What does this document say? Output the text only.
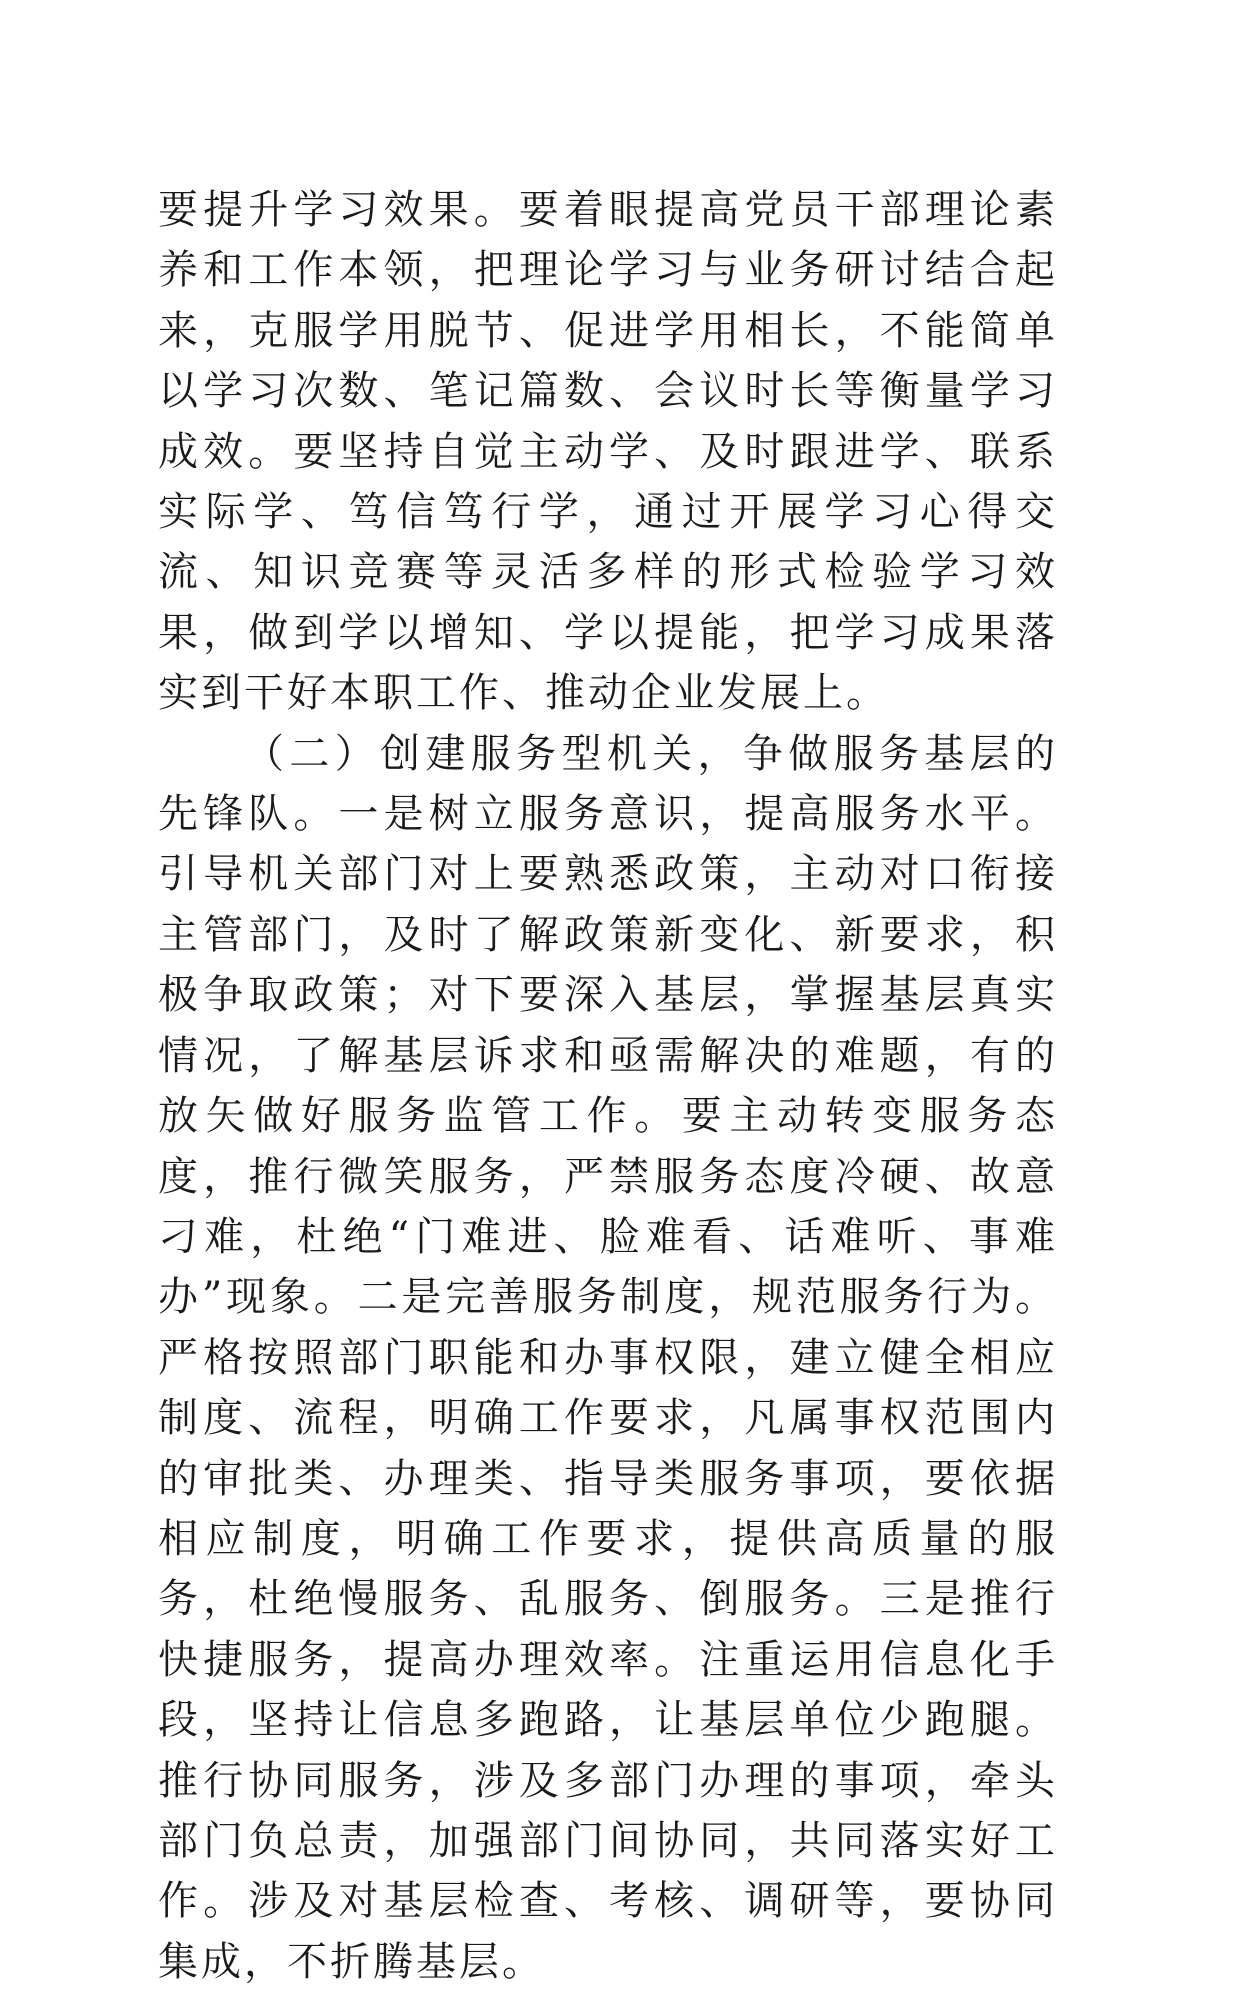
要提升学习效果。要着眼提高党员干部理论素养和工作本领，把理论学习与业务研讨结合起来，克服学用脱节、促进学用相长，不能简单以学习次数、笔记篇数、会议时长等衡量学习成效。要坚持自觉主动学、及时跟进学、联系实际学、笃信笃行学，通过开展学习心得交流、知识竞赛等灵活多样的形式检验学习效果，做到学以增知、学以提能，把学习成果落实到干好本职工作、推动企业发展上。

（二）创建服务型机关，争做服务基层的先锋队。一是树立服务意识，提高服务水平。引导机关部门对上要熟悉政策，主动对口衔接主管部门，及时了解政策新变化、新要求，积极争取政策；对下要深入基层，掌握基层真实情况，了解基层诉求和亟需解决的难题，有的放矢做好服务监管工作。要主动转变服务态度，推行微笑服务，严禁服务态度冷硬、故意刁难，杜绝“门难进、脸难看、话难听、事难办”现象。二是完善服务制度，规范服务行为。严格按照部门职能和办事权限，建立健全相应制度、流程，明确工作要求，凡属事权范围内的审批类、办理类、指导类服务事项，要依据相应制度，明确工作要求，提供高质量的服务，杜绝慢服务、乱服务、倒服务。三是推行快捷服务，提高办理效率。注重运用信息化手段，坚持让信息多跑路，让基层单位少跑腿。推行协同服务，涉及多部门办理的事项，牵头部门负总责，加强部门间协同，共同落实好工作。涉及对基层检查、考核、调研等，要协同集成，不折腾基层。
